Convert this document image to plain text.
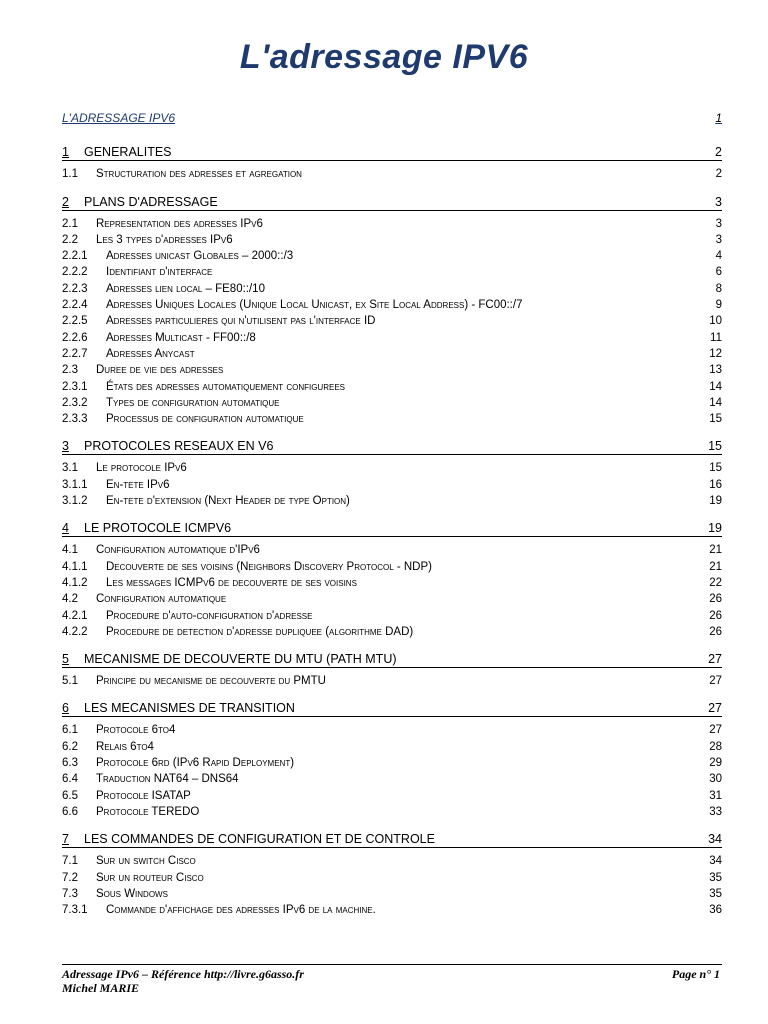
L'adressage IPV6
L'ADRESSAGE IPV6	1
1	GENERALITES	2
1.1	Structuration des adresses et agregation	2
2	PLANS D'ADRESSAGE	3
2.1	Representation des adresses IPv6	3
2.2	Les 3 types d'adresses IPv6	3
2.2.1	Adresses unicast Globales – 2000::/3	4
2.2.2	Identifiant d'interface	6
2.2.3	Adresses lien local – FE80::/10	8
2.2.4	Adresses Uniques Locales (Unique Local Unicast, ex Site Local Address) - FC00::/7	9
2.2.5	Adresses particulieres qui n'utilisent pas l'interface ID	10
2.2.6	Adresses Multicast - FF00::/8	11
2.2.7	Adresses Anycast	12
2.3	Duree de vie des adresses	13
2.3.1	États des adresses automatiquement configurees	14
2.3.2	Types de configuration automatique	14
2.3.3	Processus de configuration automatique	15
3	PROTOCOLES RESEAUX EN V6	15
3.1	Le protocole IPv6	15
3.1.1	En-tete IPv6	16
3.1.2	En-tete d'extension (Next Header de type Option)	19
4	LE PROTOCOLE ICMPV6	19
4.1	Configuration automatique d'IPv6	21
4.1.1	Decouverte de ses voisins (Neighbors Discovery Protocol - NDP)	21
4.1.2	Les messages ICMPv6 de decouverte de ses voisins	22
4.2	Configuration automatique	26
4.2.1	Procedure d'auto-configuration d'adresse	26
4.2.2	Procedure de detection d'adresse dupliquee (algorithme DAD)	26
5	MECANISME DE DECOUVERTE DU MTU (PATH MTU)	27
5.1	Principe du mecanisme de decouverte du PMTU	27
6	LES MECANISMES DE TRANSITION	27
6.1	Protocole 6to4	27
6.2	Relais 6to4	28
6.3	Protocole 6rd (IPv6 Rapid Deployment)	29
6.4	Traduction NAT64 – DNS64	30
6.5	Protocole ISATAP	31
6.6	Protocole TEREDO	33
7	LES COMMANDES DE CONFIGURATION ET DE CONTROLE	34
7.1	Sur un switch Cisco	34
7.2	Sur un routeur Cisco	35
7.3	Sous Windows	35
7.3.1	Commande d'affichage des adresses IPv6 de la machine.	36
Adressage IPv6 – Référence http://livre.g6asso.fr	Page n° 1
Michel MARIE
